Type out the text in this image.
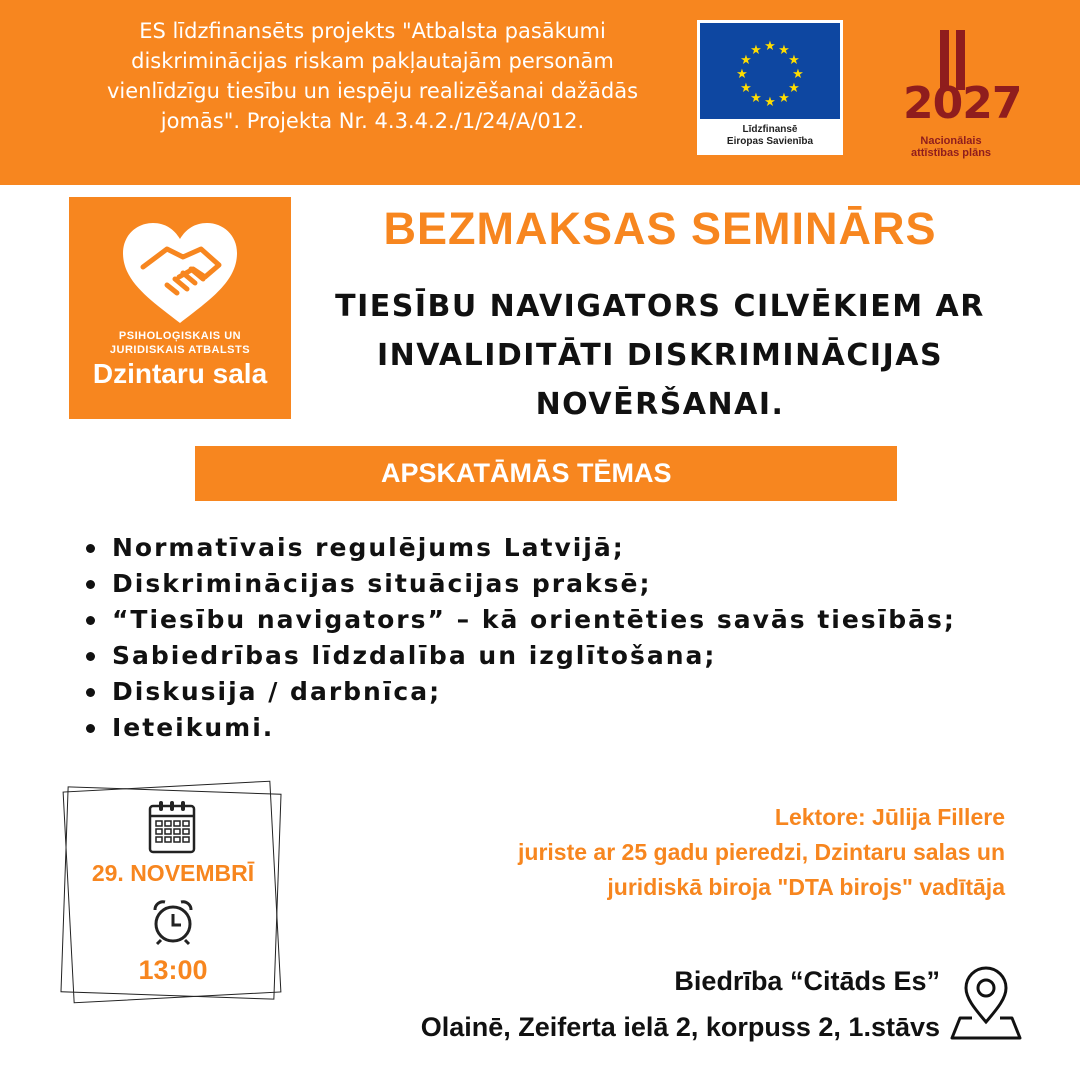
ES līdzfinansēts projekts "Atbalsta pasākumi
diskriminācijas riskam pakļautajām personām
vienlīdzīgu tiesību un iespēju realizēšanai dažādās
jomās". Projekta Nr. 4.3.4.2./1/24/A/012.
★ ★
★
★
★
★
★
★
★
★
★
★
Līdzfinansē
Eiropas Savienība
2027
Nacionālais
attīstības plāns
PSIHOLOĢISKAIS UN
JURIDISKAIS ATBALSTS
Dzintaru sala
BEZMAKSAS SEMINĀRS
TIESĪBU NAVIGATORS CILVĒKIEM AR
INVALIDITĀTI DISKRIMINĀCIJAS
NOVĒRŠANAI.
APSKATĀMĀS TĒMAS
Normatīvais regulējums Latvijā;
Diskriminācijas situācijas praksē;
“Tiesību navigators” – kā orientēties savās tiesībās;
Sabiedrības līdzdalība un izglītošana;
Diskusija / darbnīca;
Ieteikumi.
29. NOVEMBRĪ
13:00
Lektore: Jūlija Fillere
juriste ar 25 gadu pieredzi, Dzintaru salas un
juridiskā biroja "DTA birojs" vadītāja
Biedrība “Citāds Es”
Olainē, Zeiferta ielā 2, korpuss 2, 1.stāvs
